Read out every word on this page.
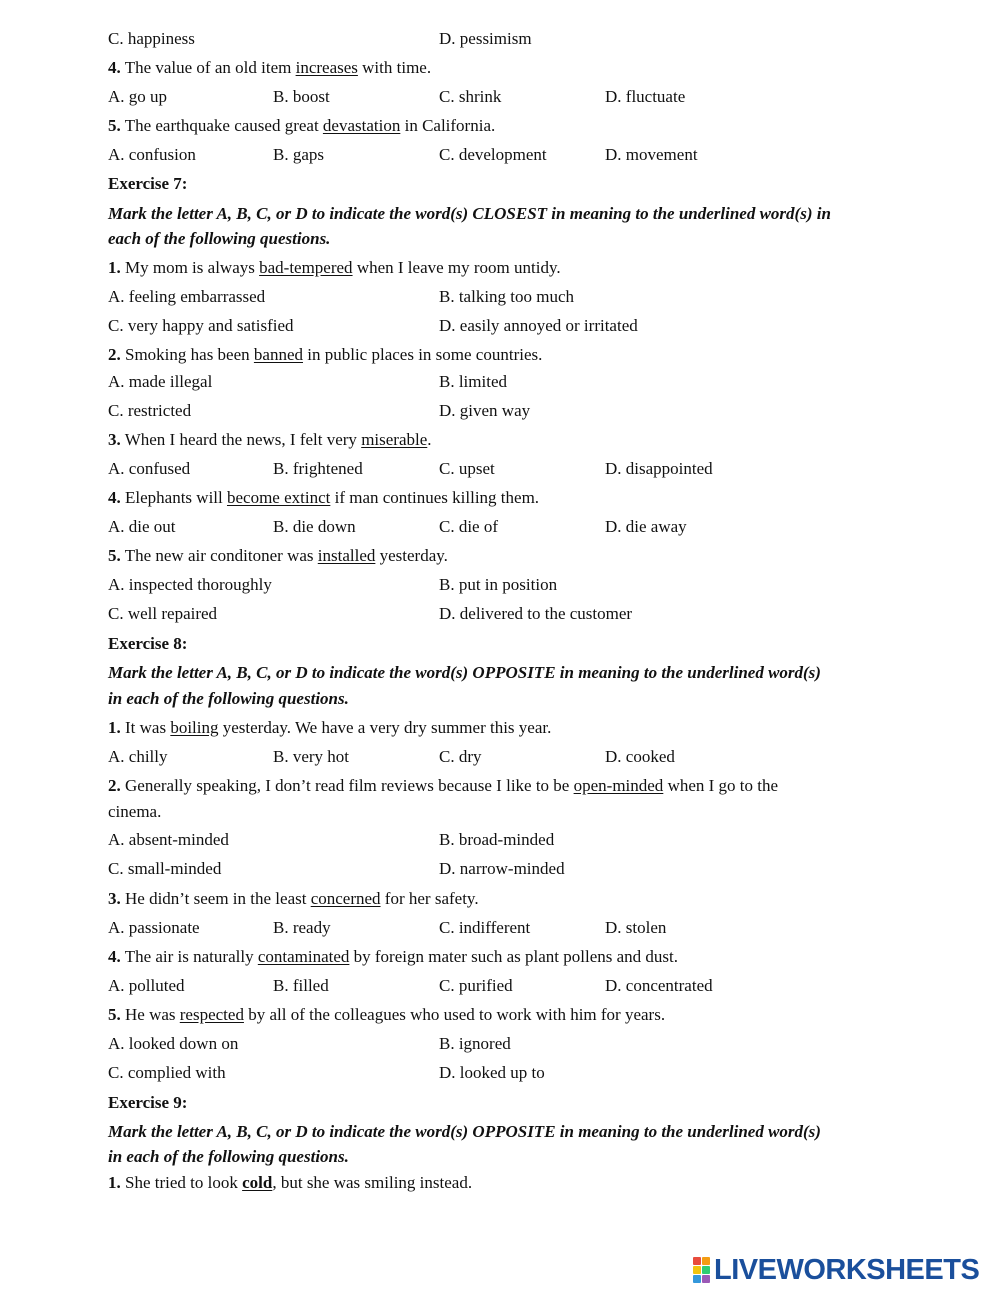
C. happiness	D. pessimism
4. The value of an old item increases with time.
A. go up	B. boost	C. shrink	D. fluctuate
5. The earthquake caused great devastation in California.
A. confusion	B. gaps	C. development	D. movement
Exercise 7:
Mark the letter A, B, C, or D to indicate the word(s) CLOSEST in meaning to the underlined word(s) in
each of the following questions.
1. My mom is always bad-tempered when I leave my room untidy.
A. feeling embarrassed	B. talking too much
C. very happy and satisfied	D. easily annoyed or irritated
2. Smoking has been banned in public places in some countries.
A. made illegal	B. limited
C. restricted	D. given way
3. When I heard the news, I felt very miserable.
A. confused	B. frightened	C. upset	D. disappointed
4. Elephants will become extinct if man continues killing them.
A. die out	B. die down	C. die of	D. die away
5. The new air conditoner was installed yesterday.
A. inspected thoroughly	B. put in position
C. well repaired	D. delivered to the customer
Exercise 8:
Mark the letter A, B, C, or D to indicate the word(s) OPPOSITE in meaning to the underlined word(s)
in each of the following questions.
1. It was boiling yesterday. We have a very dry summer this year.
A. chilly	B. very hot	C. dry	D. cooked
2. Generally speaking, I don’t read film reviews because I like to be open-minded when I go to the
cinema.
A. absent-minded	B. broad-minded
C. small-minded	D. narrow-minded
3. He didn’t seem in the least concerned for her safety.
A. passionate	B. ready	C. indifferent	D. stolen
4. The air is naturally contaminated by foreign mater such as plant pollens and dust.
A. polluted	B. filled	C. purified	D. concentrated
5. He was respected by all of the colleagues who used to work with him for years.
A. looked down on	B. ignored
C. complied with	D. looked up to
Exercise 9:
Mark the letter A, B, C, or D to indicate the word(s) OPPOSITE in meaning to the underlined word(s)
in each of the following questions.
1. She tried to look cold, but she was smiling instead.
LIVEWORKSHEETS
